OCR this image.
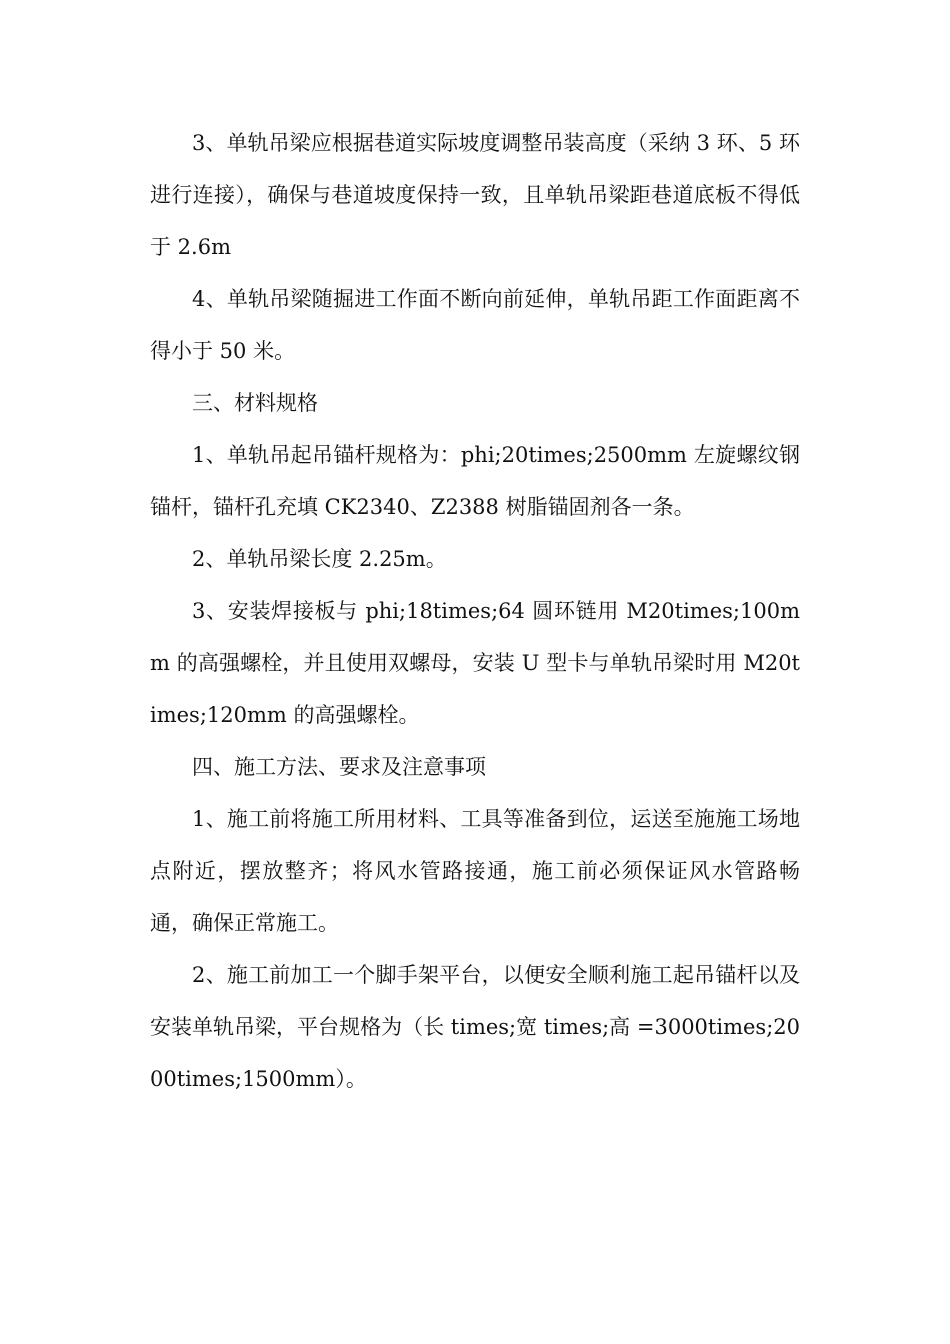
3、单轨吊梁应根据巷道实际坡度调整吊装高度（采纳 3 环、5 环进行连接），确保与巷道坡度保持一致，且单轨吊梁距巷道底板不得低于 2.6m

4、单轨吊梁随掘进工作面不断向前延伸，单轨吊距工作面距离不得小于 50 米。

三、材料规格

1、单轨吊起吊锚杆规格为：phi;20times;2500mm 左旋螺纹钢锚杆，锚杆孔充填 CK2340、Z2388 树脂锚固剂各一条。

2、单轨吊梁长度 2.25m。

3、安装焊接板与 phi;18times;64 圆环链用 M20times;100mm 的高强螺栓，并且使用双螺母，安装 U 型卡与单轨吊梁时用 M20times;120mm 的高强螺栓。

四、施工方法、要求及注意事项

1、施工前将施工所用材料、工具等准备到位，运送至施施工场地点附近，摆放整齐；将风水管路接通，施工前必须保证风水管路畅通，确保正常施工。

2、施工前加工一个脚手架平台，以便安全顺利施工起吊锚杆以及安装单轨吊梁，平台规格为（长 times;宽 times;高 =3000times;2000times;1500mm）。
